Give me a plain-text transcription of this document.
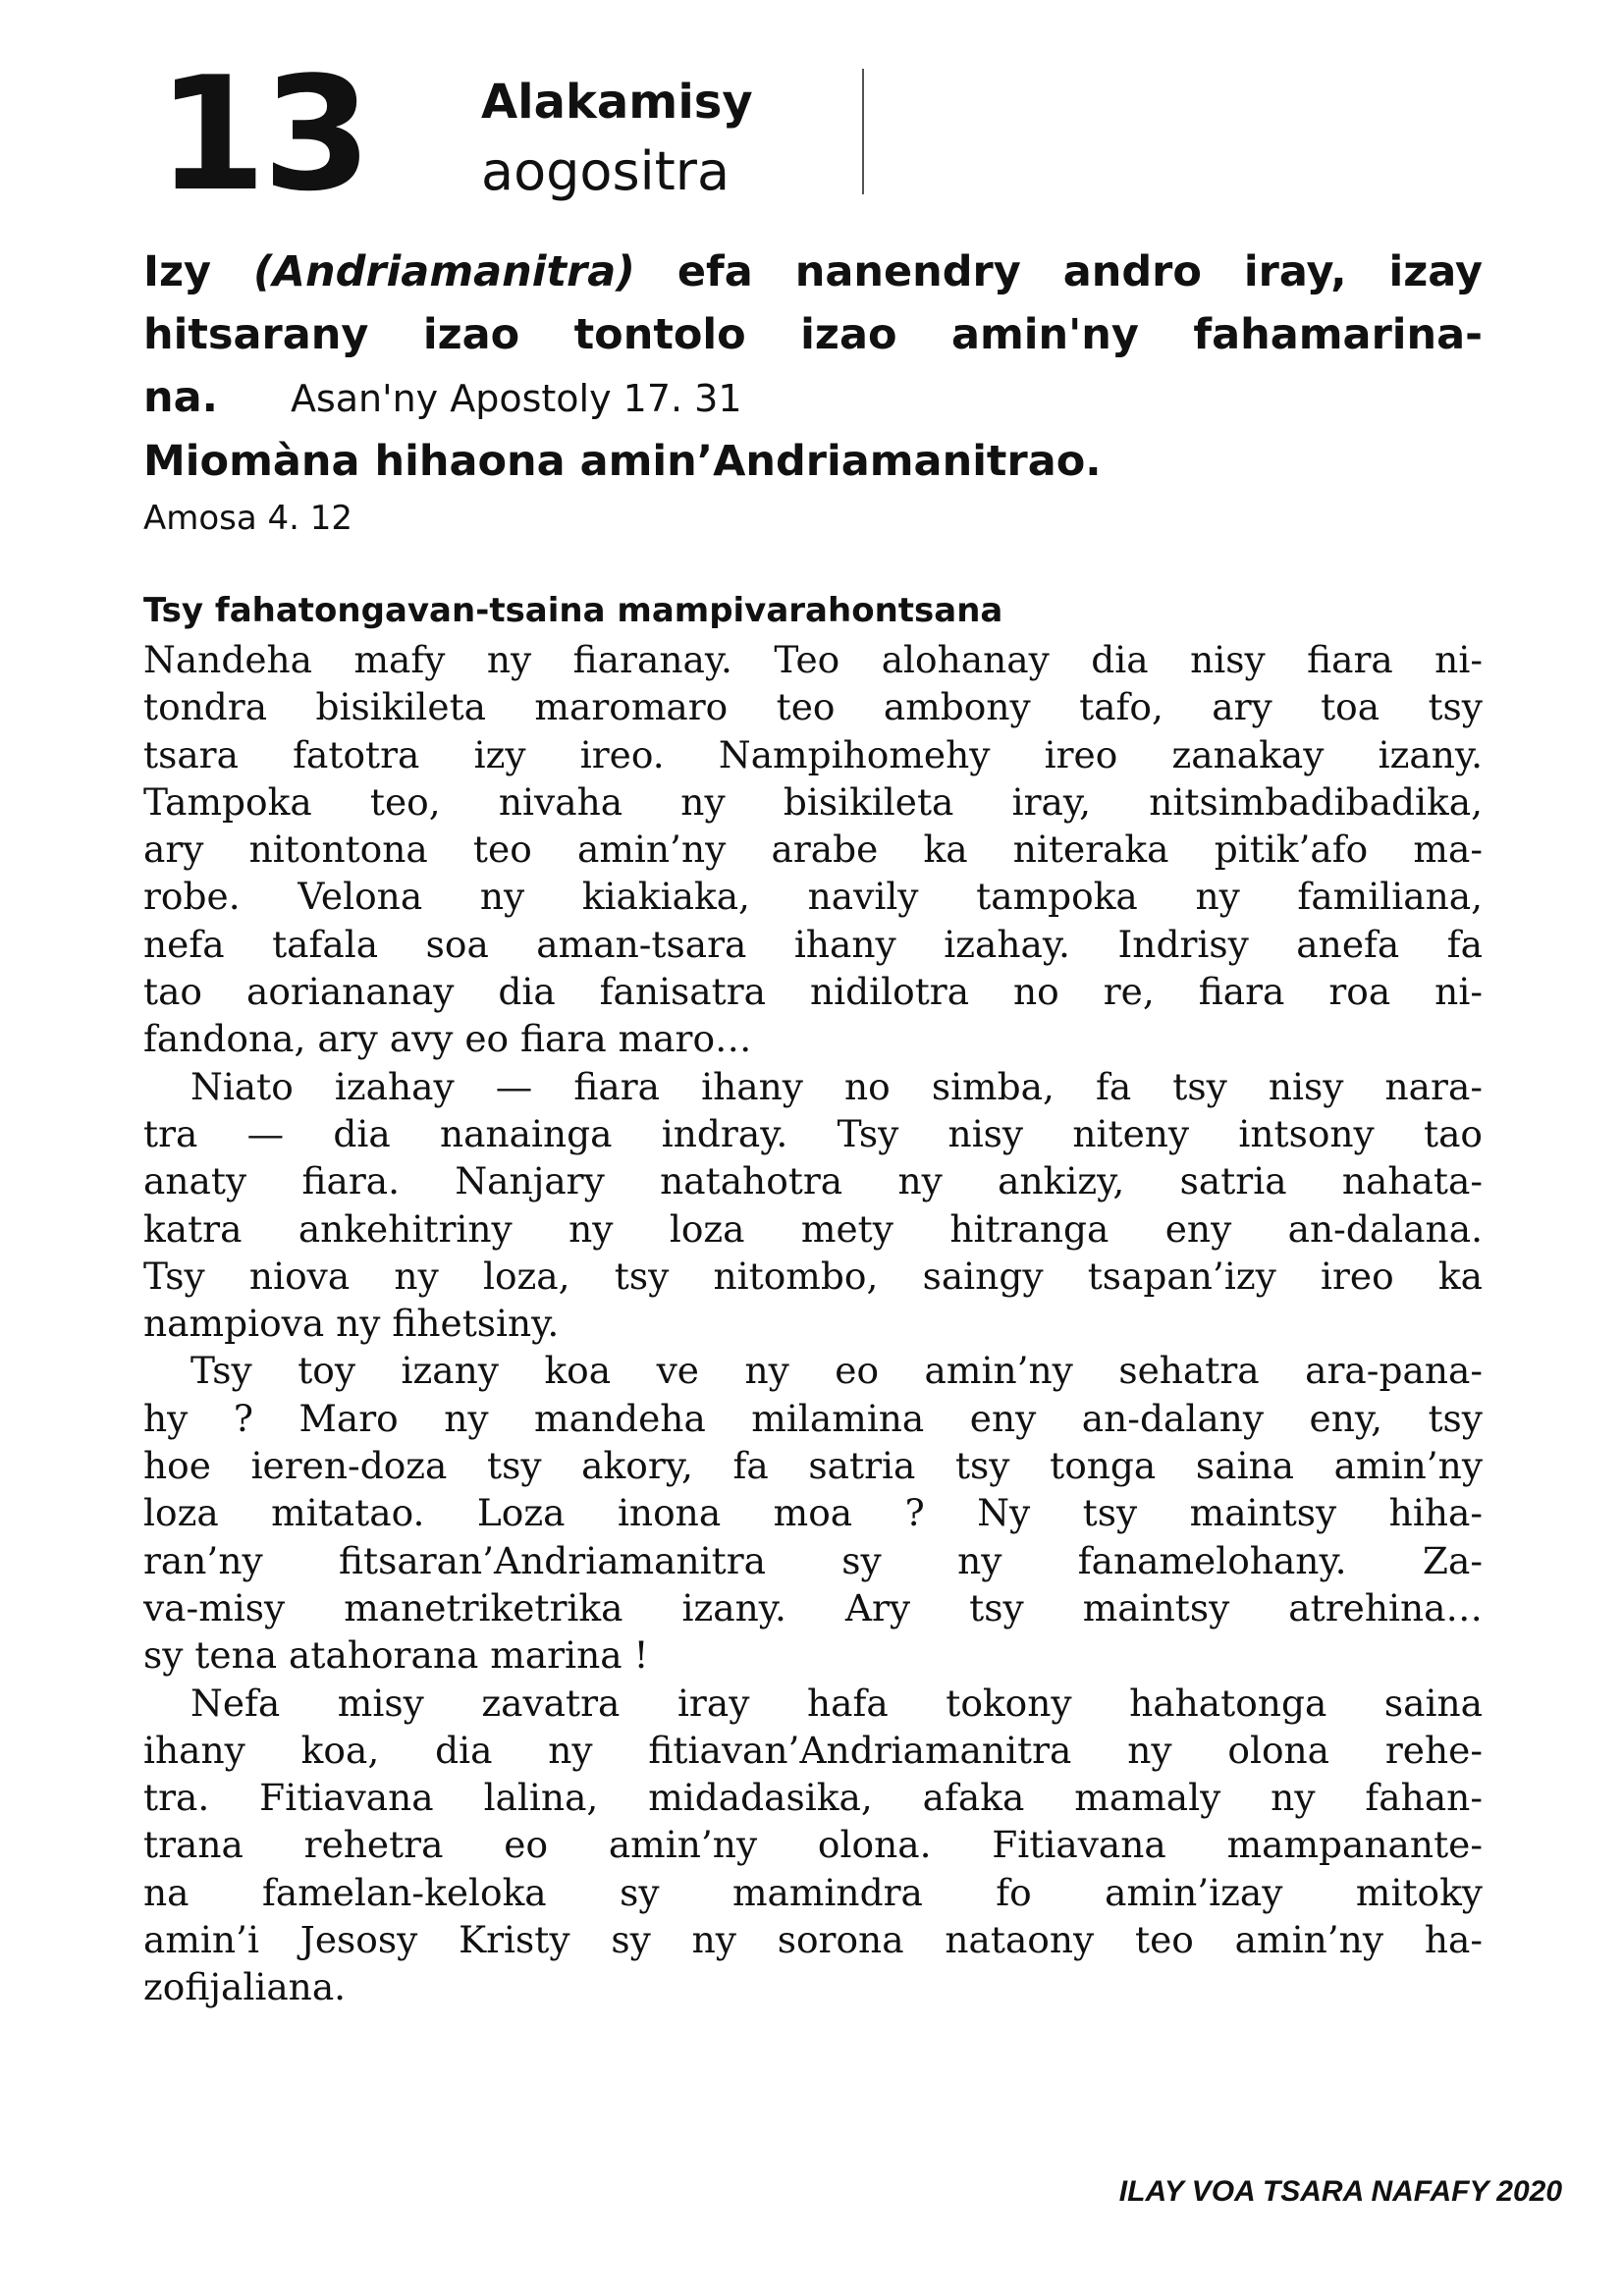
13 Alakamisy
aogositra
Izy (Andriamanitra) efa nanendry andro iray, izay
hitsarany izao tontolo izao amin'ny fahamarina-
na. Asan'ny Apostoly 17. 31
Miomàna hihaona amin’Andriamanitrao.
Amosa 4. 12
Tsy fahatongavan-tsaina mampivarahontsana
Nandeha mafy ny fiaranay. Teo alohanay dia nisy fiara ni-
tondra bisikileta maromaro teo ambony tafo, ary toa tsy
tsara fatotra izy ireo. Nampihomehy ireo zanakay izany.
Tampoka teo, nivaha ny bisikileta iray, nitsimbadibadika,
ary nitontona teo amin’ny arabe ka niteraka pitik’afo ma-
robe. Velona ny kiakiaka, navily tampoka ny familiana,
nefa tafala soa aman-tsara ihany izahay. Indrisy anefa fa
tao aoriananay dia fanisatra nidilotra no re, fiara roa ni-
fandona, ary avy eo fiara maro…
Niato izahay — fiara ihany no simba, fa tsy nisy nara-
tra — dia nanainga indray. Tsy nisy niteny intsony tao
anaty fiara. Nanjary natahotra ny ankizy, satria nahata-
katra ankehitriny ny loza mety hitranga eny an-dalana.
Tsy niova ny loza, tsy nitombo, saingy tsapan’izy ireo ka
nampiova ny fihetsiny.
Tsy toy izany koa ve ny eo amin’ny sehatra ara-pana-
hy ? Maro ny mandeha milamina eny an-dalany eny, tsy
hoe ieren-doza tsy akory, fa satria tsy tonga saina amin’ny
loza mitatao. Loza inona moa ? Ny tsy maintsy hiha-
ran’ny fitsaran’Andriamanitra sy ny fanamelohany. Za-
va-misy manetriketrika izany. Ary tsy maintsy atrehina…
sy tena atahorana marina !
Nefa misy zavatra iray hafa tokony hahatonga saina
ihany koa, dia ny fitiavan’Andriamanitra ny olona rehe-
tra. Fitiavana lalina, midadasika, afaka mamaly ny fahan-
trana rehetra eo amin’ny olona. Fitiavana mampanante-
na famelan-keloka sy mamindra fo amin’izay mitoky
amin’i Jesosy Kristy sy ny sorona nataony teo amin’ny ha-
zofijaliana.
ILAY VOA TSARA NAFAFY 2020
